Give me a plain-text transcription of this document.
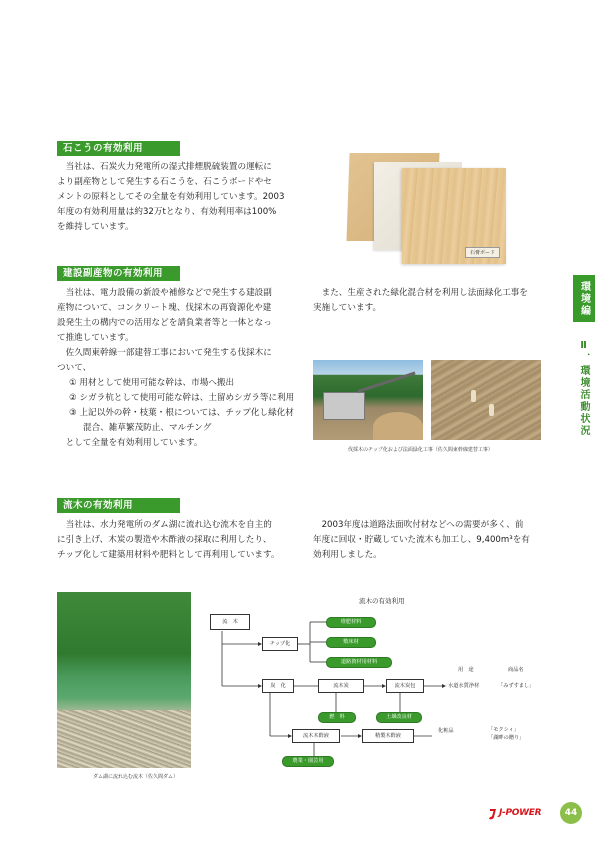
石こうの有効利用

当社は、石炭火力発電所の湿式排煙脱硫装置の運転に

より副産物として発生する石こうを、石こうボードやセ

メントの原料としてその全量を有効利用しています。2003

年度の有効利用量は約32万tとなり、有効利用率は100%

を維持しています。

石膏ボード
建設副産物の有効利用

当社は、電力設備の新設や補修などで発生する建設副

産物について、コンクリート塊、伐採木の再資源化や建

設発生土の構内での活用などを請負業者等と一体となっ

て推進しています。

佐久間東幹線一部建替工事において発生する伐採木に

ついて、

① 用材として使用可能な幹は、市場へ搬出
② シガラ杭として使用可能な幹は、土留めシガラ等に利用
③ 上記以外の幹・枝葉・根については、チップ化し緑化材混合、雑草繁茂防止、マルチング

として全量を有効利用しています。

また、生産された緑化混合材を利用し法面緑化工事を

実施しています。

伐採木のチップ化および法面緑化工事（佐久間東幹線建替工事）
流木の有効利用

当社は、水力発電所のダム湖に流れ込む流木を自主的

に引き上げ、木炭の製造や木酢液の採取に利用したり、

チップ化して建築用材料や肥料として再利用しています。

2003年度は道路法面吹付材などへの需要が多く、前

年度に回収・貯蔵していた流木も加工し、9,400m³を有

効利用しました。

ダム湖に流れ込む流木（佐久間ダム）
流木の有効利用
流　木
チップ化
堆肥材料
敷床材
道路資材用材料
炭　化	流木炭	流木炭包
用　途	商品名
水道水質浄材	「みずすまし」
燃　料	土壌改良材
流木木酢液	精製木酢液
化粧品	「モクシィ」
「湖畔の贈り」
農業・園芸用
環境編
Ⅱ．環境活動状況
J-POWER	44
